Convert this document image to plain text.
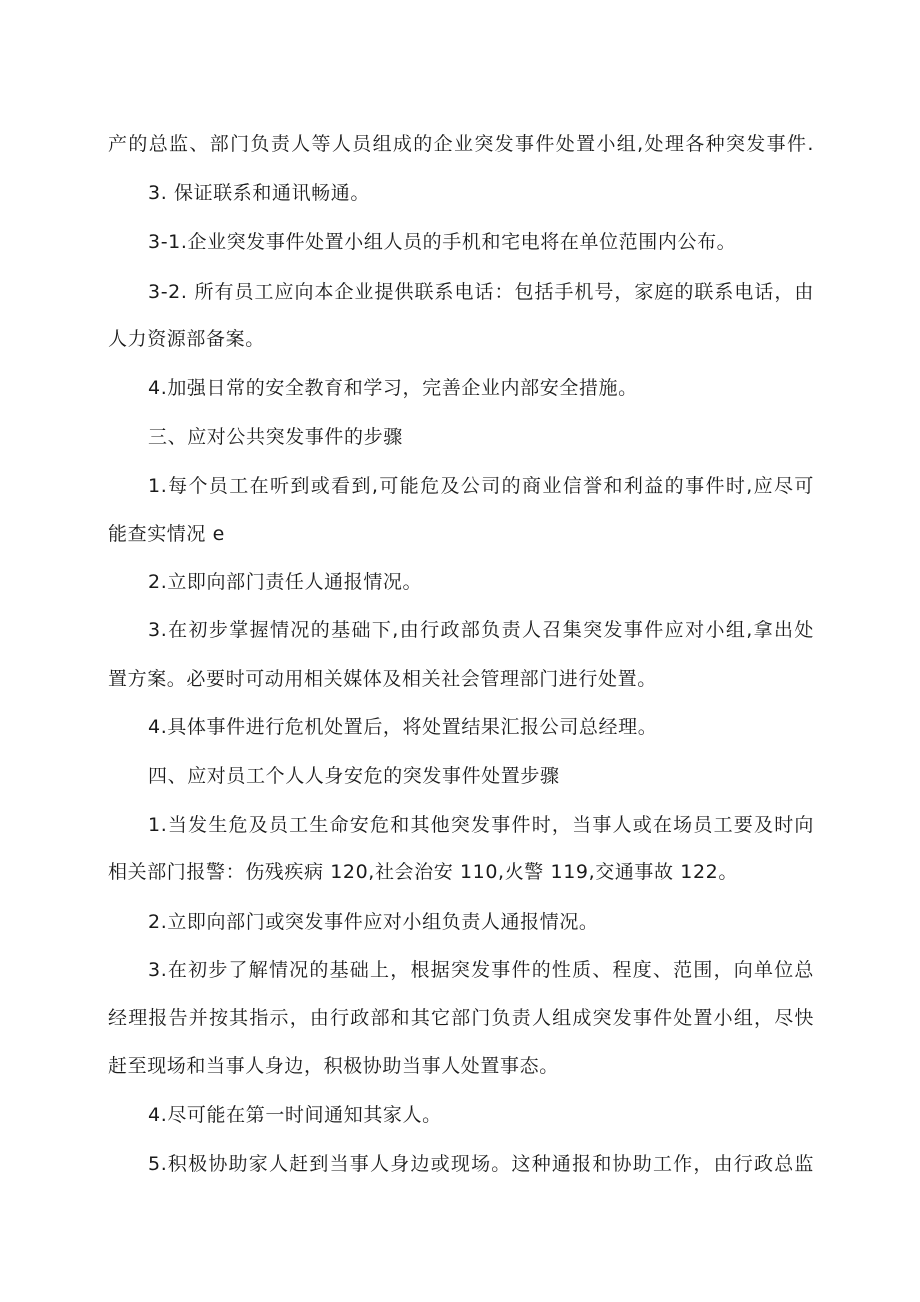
产的总监、部门负责人等人员组成的企业突发事件处置小组,处理各种突发事件.
3. 保证联系和通讯畅通。
3-1.企业突发事件处置小组人员的手机和宅电将在单位范围内公布。
3-2. 所有员工应向本企业提供联系电话：包括手机号，家庭的联系电话，由
人力资源部备案。
4.加强日常的安全教育和学习，完善企业内部安全措施。
三、应对公共突发事件的步骤
1.每个员工在听到或看到,可能危及公司的商业信誉和利益的事件时,应尽可
能查实情况 e
2.立即向部门责任人通报情况。
3.在初步掌握情况的基础下,由行政部负责人召集突发事件应对小组,拿出处
置方案。必要时可动用相关媒体及相关社会管理部门进行处置。
4.具体事件进行危机处置后，将处置结果汇报公司总经理。
四、应对员工个人人身安危的突发事件处置步骤
1.当发生危及员工生命安危和其他突发事件时，当事人或在场员工要及时向
相关部门报警：伤残疾病 120,社会治安 110,火警 119,交通事故 122。
2.立即向部门或突发事件应对小组负责人通报情况。
3.在初步了解情况的基础上，根据突发事件的性质、程度、范围，向单位总
经理报告并按其指示，由行政部和其它部门负责人组成突发事件处置小组，尽快
赶至现场和当事人身边，积极协助当事人处置事态。
4.尽可能在第一时间通知其家人。
5.积极协助家人赶到当事人身边或现场。这种通报和协助工作，由行政总监
